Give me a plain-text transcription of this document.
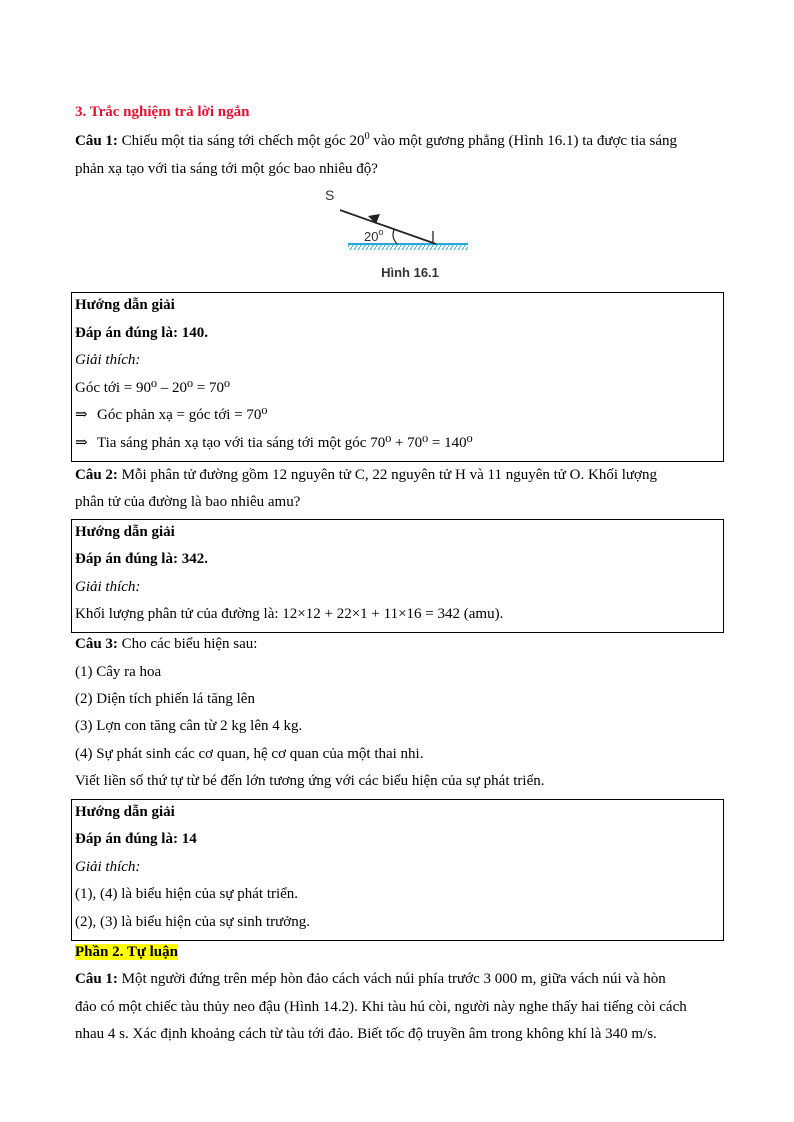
3. Trắc nghiệm trả lời ngắn
Câu 1: Chiếu một tia sáng tới chếch một góc $20^0$ vào một gương phẳng (Hình 16.1) ta được tia sáng
phản xạ tạo với tia sáng tới một góc bao nhiêu độ?
S
20$^o$
Hình 16.1
Hướng dẫn giải
Đáp án đúng là: 140.
Giải thích:
Góc tới = 90⁰ – 20⁰ = 70⁰
⇒ Góc phản xạ = góc tới = 70⁰
⇒ Tia sáng phản xạ tạo với tia sáng tới một góc 70⁰ + 70⁰ = 140⁰
Câu 2: Mỗi phân tử đường gồm 12 nguyên tử C, 22 nguyên tử H và 11 nguyên tử O. Khối lượng
phân tử của đường là bao nhiêu amu?
Hướng dẫn giải
Đáp án đúng là: 342.
Giải thích:
Khối lượng phân tử của đường là: 12×12 + 22×1 + 11×16 = 342 (amu).
Câu 3: Cho các biểu hiện sau:
(1) Cây ra hoa
(2) Diện tích phiến lá tăng lên
(3) Lợn con tăng cân từ 2 kg lên 4 kg.
(4) Sự phát sinh các cơ quan, hệ cơ quan của một thai nhi.
Viết liền số thứ tự từ bé đến lớn tương ứng với các biểu hiện của sự phát triển.
Hướng dẫn giải
Đáp án đúng là: 14
Giải thích:
(1), (4) là biểu hiện của sự phát triển.
(2), (3) là biểu hiện của sự sinh trưởng.
Phần 2. Tự luận
Câu 1: Một người đứng trên mép hòn đảo cách vách núi phía trước 3 000 m, giữa vách núi và hòn
đảo có một chiếc tàu thủy neo đậu (Hình 14.2). Khi tàu hú còi, người này nghe thấy hai tiếng còi cách
nhau 4 s. Xác định khoảng cách từ tàu tới đảo. Biết tốc độ truyền âm trong không khí là 340 m/s.
